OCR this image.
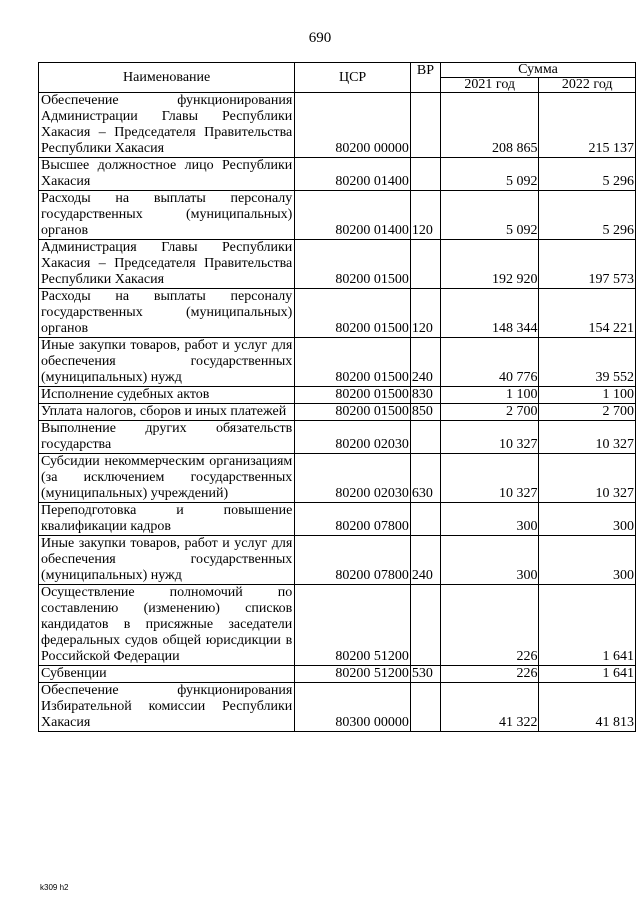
690
Наименование	ЦСР	ВР	Сумма	
			2021 год	2022 год
Обеспечение функционирования Администрации Главы Республики Хакасия – Председателя Правительства Республики Хакасия	80200 00000		208 865	215 137
Высшее должностное лицо Республики Хакасия	80200 01400		5 092	5 296
Расходы на выплаты персоналу государственных (муниципальных) органов	80200 01400	120	5 092	5 296
Администрация Главы Республики Хакасия – Председателя Правительства Республики Хакасия	80200 01500		192 920	197 573
Расходы на выплаты персоналу государственных (муниципальных) органов	80200 01500	120	148 344	154 221
Иные закупки товаров, работ и услуг для обеспечения государственных (муниципальных) нужд	80200 01500	240	40 776	39 552
Исполнение судебных актов	80200 01500	830	1 100	1 100
Уплата налогов, сборов и иных платежей	80200 01500	850	2 700	2 700
Выполнение других обязательств государства	80200 02030		10 327	10 327
Субсидии некоммерческим организациям (за исключением государственных (муниципальных) учреждений)	80200 02030	630	10 327	10 327
Переподготовка и повышение квалификации кадров	80200 07800		300	300
Иные закупки товаров, работ и услуг для обеспечения государственных (муниципальных) нужд	80200 07800	240	300	300
Осуществление полномочий по составлению (изменению) списков кандидатов в присяжные заседатели федеральных судов общей юрисдикции в Российской Федерации	80200 51200		226	1 641
Субвенции	80200 51200	530	226	1 641
Обеспечение функционирования Избирательной комиссии Республики Хакасия	80300 00000		41 322	41 813
k309 h2
